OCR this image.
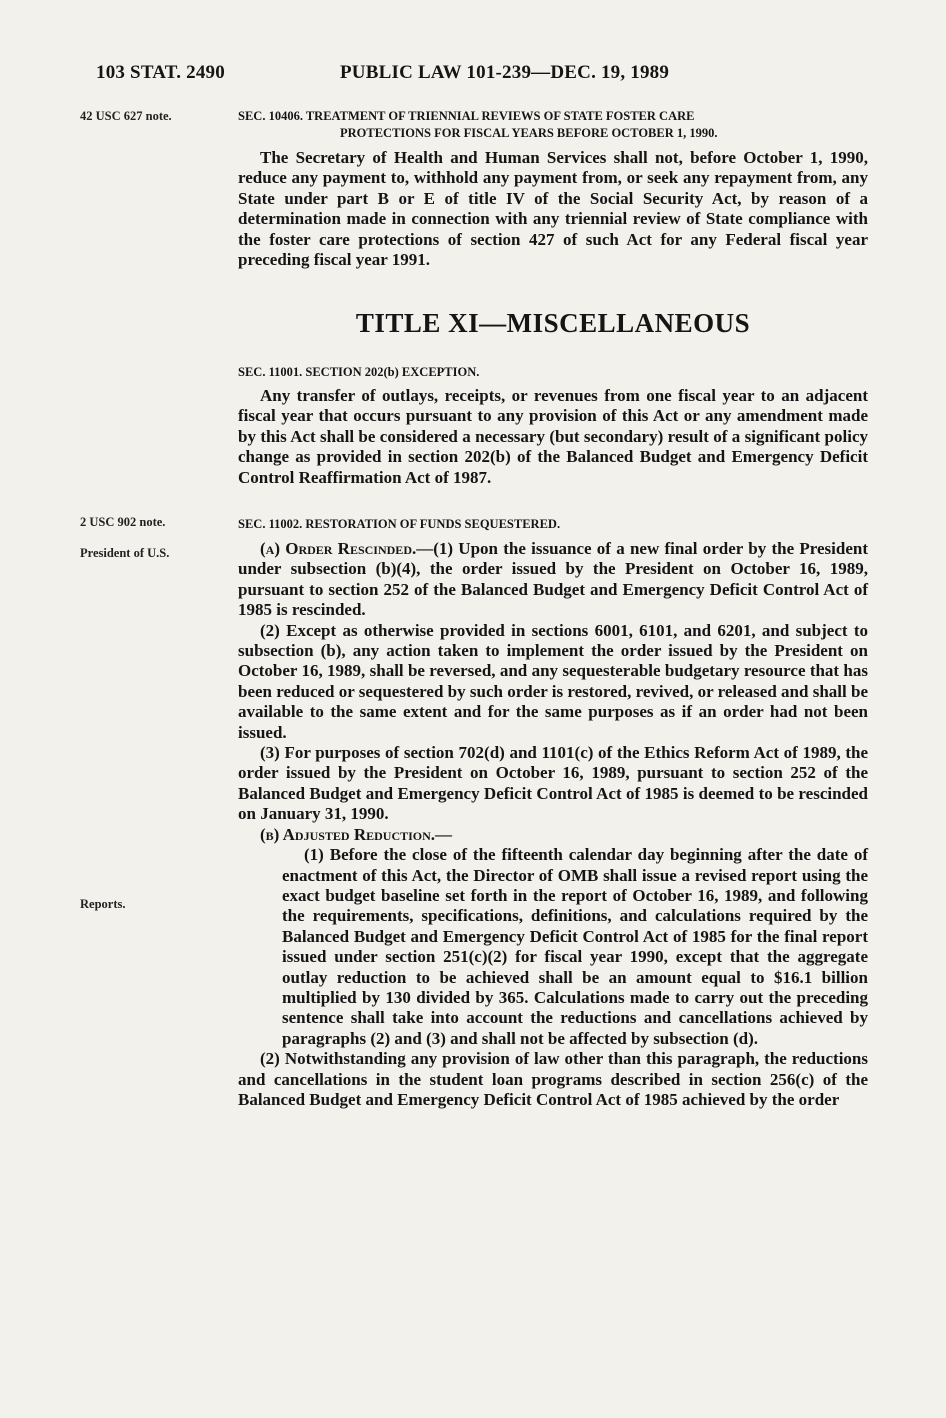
103 STAT. 2490	PUBLIC LAW 101-239—DEC. 19, 1989
42 USC 627 note.
2 USC 902 note.
President of U.S.
Reports.
SEC. 10406. TREATMENT OF TRIENNIAL REVIEWS OF STATE FOSTER CARE
PROTECTIONS FOR FISCAL YEARS BEFORE OCTOBER 1, 1990.

The Secretary of Health and Human Services shall not, before October 1, 1990, reduce any payment to, withhold any payment from, or seek any repayment from, any State under part B or E of title IV of the Social Security Act, by reason of a determination made in connection with any triennial review of State compliance with the foster care protections of section 427 of such Act for any Federal fiscal year preceding fiscal year 1991.

TITLE XI—MISCELLANEOUS
SEC. 11001. SECTION 202(b) EXCEPTION.

Any transfer of outlays, receipts, or revenues from one fiscal year to an adjacent fiscal year that occurs pursuant to any provision of this Act or any amendment made by this Act shall be considered a necessary (but secondary) result of a significant policy change as provided in section 202(b) of the Balanced Budget and Emergency Deficit Control Reaffirmation Act of 1987.

SEC. 11002. RESTORATION OF FUNDS SEQUESTERED.

(a) Order Rescinded.—(1) Upon the issuance of a new final order by the President under subsection (b)(4), the order issued by the President on October 16, 1989, pursuant to section 252 of the Balanced Budget and Emergency Deficit Control Act of 1985 is rescinded.

(2) Except as otherwise provided in sections 6001, 6101, and 6201, and subject to subsection (b), any action taken to implement the order issued by the President on October 16, 1989, shall be reversed, and any sequesterable budgetary resource that has been reduced or sequestered by such order is restored, revived, or released and shall be available to the same extent and for the same purposes as if an order had not been issued.

(3) For purposes of section 702(d) and 1101(c) of the Ethics Reform Act of 1989, the order issued by the President on October 16, 1989, pursuant to section 252 of the Balanced Budget and Emergency Deficit Control Act of 1985 is deemed to be rescinded on January 31, 1990.

(b) Adjusted Reduction.—

(1) Before the close of the fifteenth calendar day beginning after the date of enactment of this Act, the Director of OMB shall issue a revised report using the exact budget baseline set forth in the report of October 16, 1989, and following the requirements, specifications, definitions, and calculations required by the Balanced Budget and Emergency Deficit Control Act of 1985 for the final report issued under section 251(c)(2) for fiscal year 1990, except that the aggregate outlay reduction to be achieved shall be an amount equal to $16.1 billion multiplied by 130 divided by 365. Calculations made to carry out the preceding sentence shall take into account the reductions and cancellations achieved by paragraphs (2) and (3) and shall not be affected by subsection (d).

(2) Notwithstanding any provision of law other than this paragraph, the reductions and cancellations in the student loan programs described in section 256(c) of the Balanced Budget and Emergency Deficit Control Act of 1985 achieved by the order
